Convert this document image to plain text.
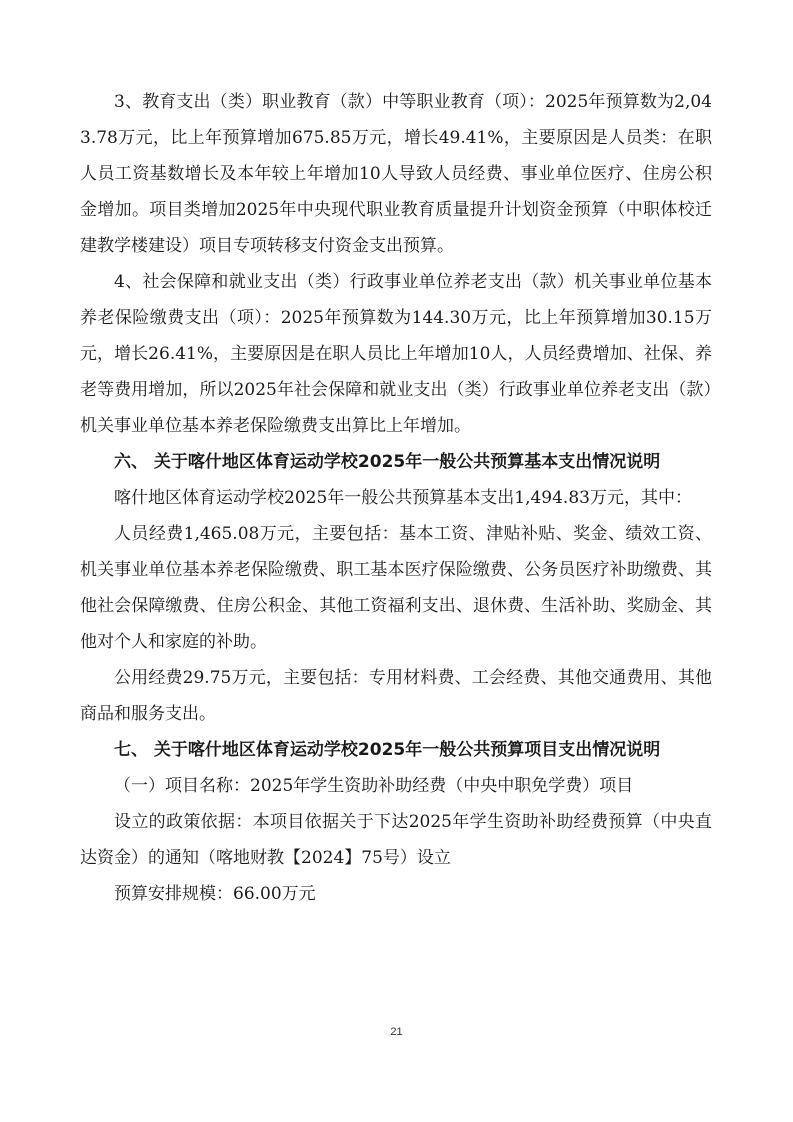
3、教育支出（类）职业教育（款）中等职业教育（项）：2025年预算数为2,043.78万元，比上年预算增加675.85万元，增长49.41%，主要原因是人员类：在职人员工资基数增长及本年较上年增加10人导致人员经费、事业单位医疗、住房公积金增加。项目类增加2025年中央现代职业教育质量提升计划资金预算（中职体校迁建教学楼建设）项目专项转移支付资金支出预算。

4、社会保障和就业支出（类）行政事业单位养老支出（款）机关事业单位基本养老保险缴费支出（项）：2025年预算数为144.30万元，比上年预算增加30.15万元，增长26.41%，主要原因是在职人员比上年增加10人，人员经费增加、社保、养老等费用增加，所以2025年社会保障和就业支出（类）行政事业单位养老支出（款）机关事业单位基本养老保险缴费支出算比上年增加。

六、 关于喀什地区体育运动学校2025年一般公共预算基本支出情况说明

喀什地区体育运动学校2025年一般公共预算基本支出1,494.83万元，其中：

人员经费1,465.08万元，主要包括：基本工资、津贴补贴、奖金、绩效工资、机关事业单位基本养老保险缴费、职工基本医疗保险缴费、公务员医疗补助缴费、其他社会保障缴费、住房公积金、其他工资福利支出、退休费、生活补助、奖励金、其他对个人和家庭的补助。

公用经费29.75万元，主要包括：专用材料费、工会经费、其他交通费用、其他商品和服务支出。

七、 关于喀什地区体育运动学校2025年一般公共预算项目支出情况说明

（一）项目名称：2025年学生资助补助经费（中央中职免学费）项目

设立的政策依据：本项目依据关于下达2025年学生资助补助经费预算（中央直达资金）的通知（喀地财教【2024】75号）设立

预算安排规模：66.00万元

21
